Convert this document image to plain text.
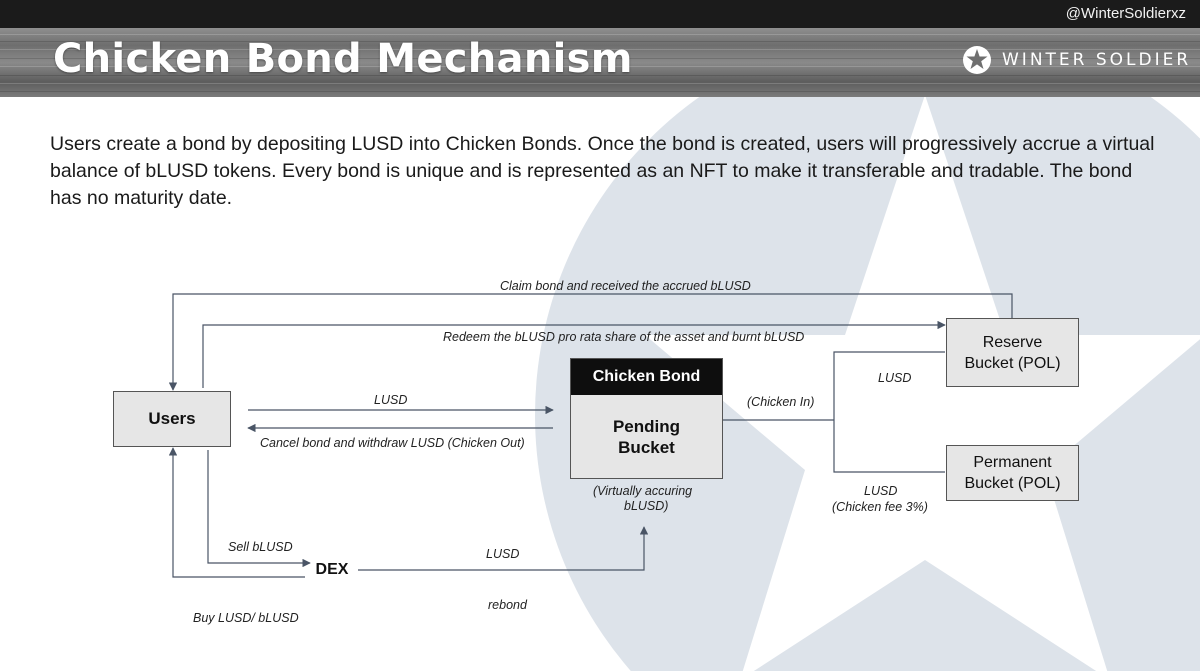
@WinterSoldierxz
Chicken Bond Mechanism	WINTER SOLDIER
Users create a bond by depositing LUSD into Chicken Bonds. Once the bond is created, users will progressively accrue a virtual balance of bLUSD tokens. Every bond is unique and is represented as an NFT to make it transferable and tradable. The bond has no maturity date.
Users
Chicken Bond
Pending Bucket
Reserve Bucket (POL)
Permanent Bucket (POL)
DEX
Claim bond and received the accrued bLUSD
Redeem the bLUSD pro rata share of the asset and burnt bLUSD
LUSD
Cancel bond and withdraw LUSD (Chicken Out)
(Chicken In)
LUSD
LUSD
(Chicken fee 3%)
(Virtually accuring
bLUSD)
Sell bLUSD	LUSD
rebond
Buy LUSD/ bLUSD
